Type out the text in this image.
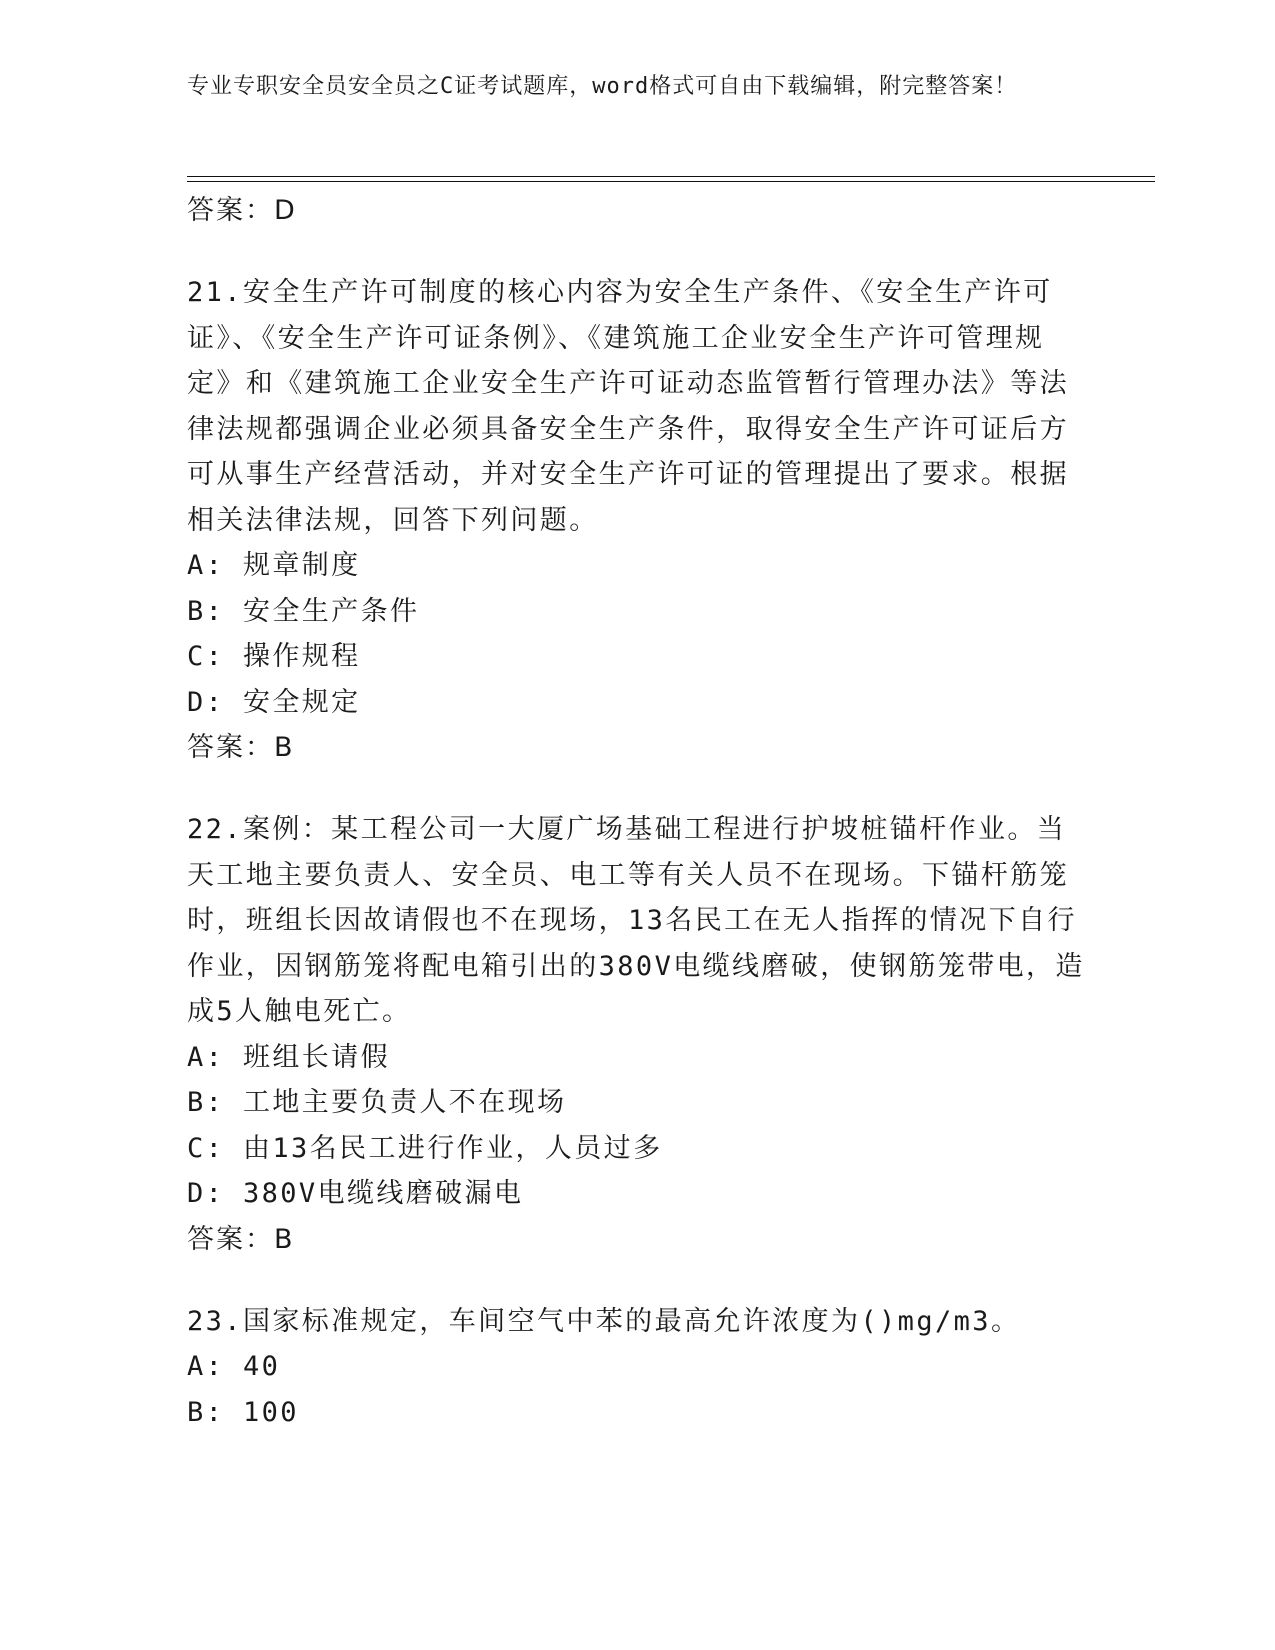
专业专职安全员安全员之C证考试题库，word格式可自由下载编辑，附完整答案！
答案：D
21.安全生产许可制度的核心内容为安全生产条件、《安全生产许可证》、《安全生产许可证条例》、《建筑施工企业安全生产许可管理规定》和《建筑施工企业安全生产许可证动态监管暂行管理办法》等法律法规都强调企业必须具备安全生产条件，取得安全生产许可证后方可从事生产经营活动，并对安全生产许可证的管理提出了要求。根据相关法律法规，回答下列问题。
A: 规章制度
B: 安全生产条件
C: 操作规程
D: 安全规定
答案：B
22.案例：某工程公司一大厦广场基础工程进行护坡桩锚杆作业。当天工地主要负责人、安全员、电工等有关人员不在现场。下锚杆筋笼时，班组长因故请假也不在现场，13名民工在无人指挥的情况下自行作业，因钢筋笼将配电箱引出的380V电缆线磨破，使钢筋笼带电，造成5人触电死亡。
A: 班组长请假
B: 工地主要负责人不在现场
C: 由13名民工进行作业，人员过多
D: 380V电缆线磨破漏电
答案：B
23.国家标准规定，车间空气中苯的最高允许浓度为()mg/m3。
A: 40
B: 100
